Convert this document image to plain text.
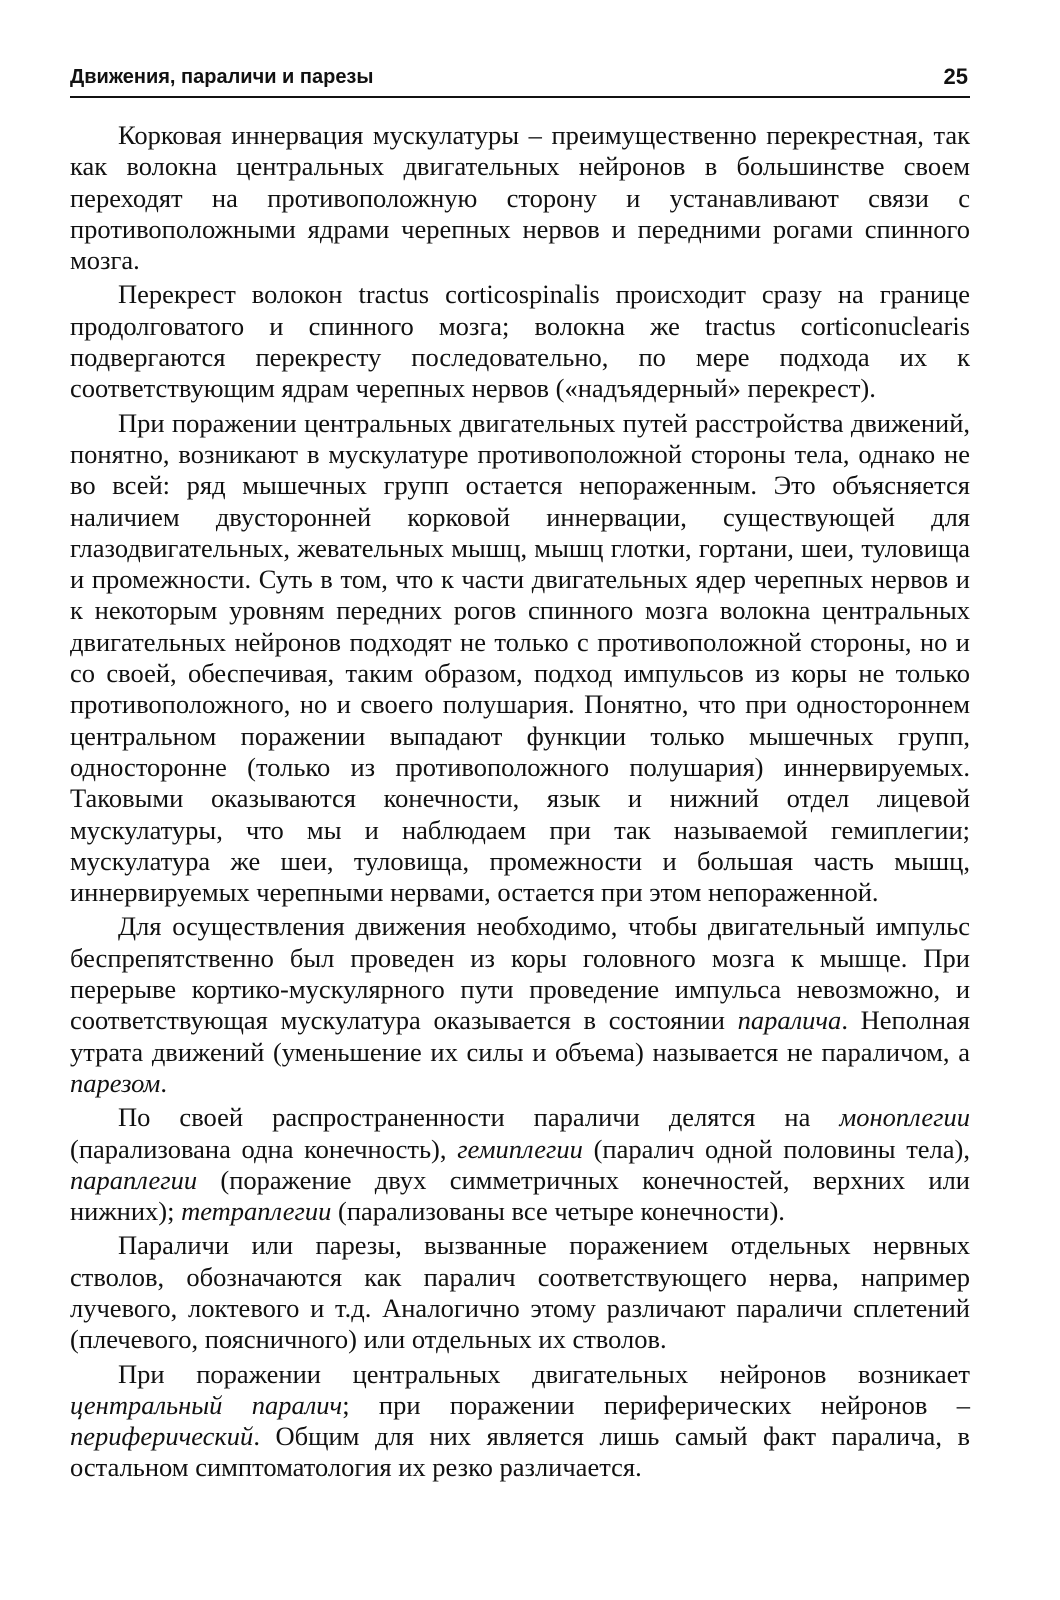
Движения, параличи и парезы	25

Корковая иннервация мускулатуры – преимущественно перекрестная, так как волокна центральных двигательных нейронов в большинстве своем переходят на противоположную сторону и устанавливают связи с противоположными ядрами черепных нервов и передними рогами спинного мозга.

Перекрест волокон tractus corticospinalis происходит сразу на границе продолговатого и спинного мозга; волокна же tractus corticonuclearis подвергаются перекресту последовательно, по мере подхода их к соответствующим ядрам черепных нервов («надъядерный» перекрест).

При поражении центральных двигательных путей расстройства движений, понятно, возникают в мускулатуре противоположной стороны тела, однако не во всей: ряд мышечных групп остается непораженным. Это объясняется наличием двусторонней корковой иннервации, существующей для глазодвигательных, жевательных мышц, мышц глотки, гортани, шеи, туловища и промежности. Суть в том, что к части двигательных ядер черепных нервов и к некоторым уровням передних рогов спинного мозга волокна центральных двигательных нейронов подходят не только с противоположной стороны, но и со своей, обеспечивая, таким образом, подход импульсов из коры не только противоположного, но и своего полушария. Понятно, что при одностороннем центральном поражении выпадают функции только мышечных групп, односторонне (только из противоположного полушария) иннервируемых. Таковыми оказываются конечности, язык и нижний отдел лицевой мускулатуры, что мы и наблюдаем при так называемой гемиплегии; мускулатура же шеи, туловища, промежности и большая часть мышц, иннервируемых черепными нервами, остается при этом непораженной.

Для осуществления движения необходимо, чтобы двигательный импульс беспрепятственно был проведен из коры головного мозга к мышце. При перерыве кортико-мускулярного пути проведение импульса невозможно, и соответствующая мускулатура оказывается в состоянии паралича. Неполная утрата движений (уменьшение их силы и объема) называется не параличом, а парезом.

По своей распространенности параличи делятся на моноплегии (парализована одна конечность), гемиплегии (паралич одной половины тела), параплегии (поражение двух симметричных конечностей, верхних или нижних); тетраплегии (парализованы все четыре конечности).

Параличи или парезы, вызванные поражением отдельных нервных стволов, обозначаются как паралич соответствующего нерва, например лучевого, локтевого и т.д. Аналогично этому различают параличи сплетений (плечевого, поясничного) или отдельных их стволов.

При поражении центральных двигательных нейронов возникает центральный паралич; при поражении периферических нейронов – периферический. Общим для них является лишь самый факт паралича, в остальном симптоматология их резко различается.
